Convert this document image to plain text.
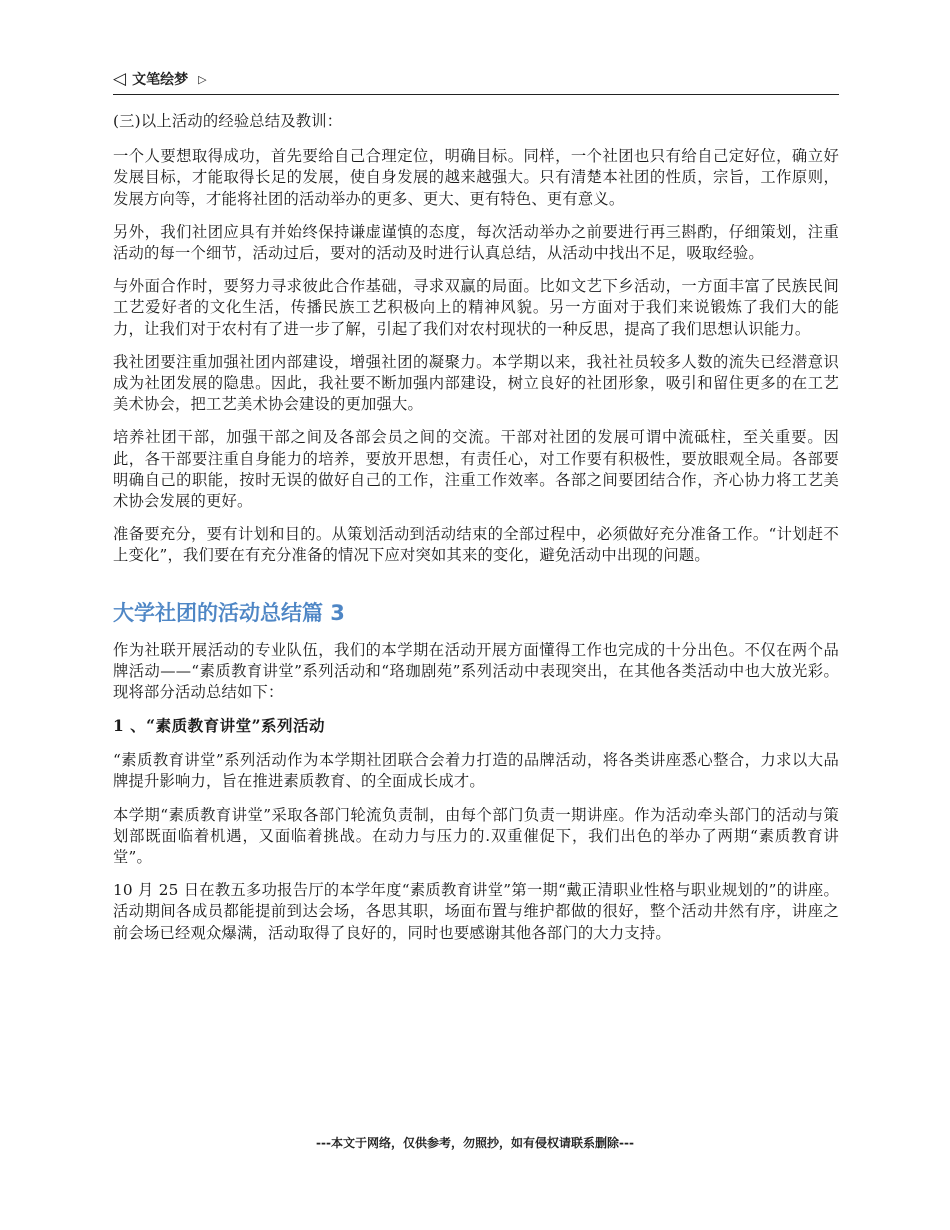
◁ 文笔绘梦 ▷

(三)以上活动的经验总结及教训：

一个人要想取得成功，首先要给自己合理定位，明确目标。同样，一个社团也只有给自己定好位，确立好发展目标，才能取得长足的发展，使自身发展的越来越强大。只有清楚本社团的性质，宗旨，工作原则，发展方向等，才能将社团的活动举办的更多、更大、更有特色、更有意义。

另外，我们社团应具有并始终保持谦虚谨慎的态度，每次活动举办之前要进行再三斟酌，仔细策划，注重活动的每一个细节，活动过后，要对的活动及时进行认真总结，从活动中找出不足，吸取经验。

与外面合作时，要努力寻求彼此合作基础，寻求双赢的局面。比如文艺下乡活动，一方面丰富了民族民间工艺爱好者的文化生活，传播民族工艺积极向上的精神风貌。另一方面对于我们来说锻炼了我们大的能力，让我们对于农村有了进一步了解，引起了我们对农村现状的一种反思，提高了我们思想认识能力。

我社团要注重加强社团内部建设，增强社团的凝聚力。本学期以来，我社社员较多人数的流失已经潜意识成为社团发展的隐患。因此，我社要不断加强内部建设，树立良好的社团形象，吸引和留住更多的在工艺美术协会，把工艺美术协会建设的更加强大。

培养社团干部，加强干部之间及各部会员之间的交流。干部对社团的发展可谓中流砥柱，至关重要。因此，各干部要注重自身能力的培养，要放开思想，有责任心，对工作要有积极性，要放眼观全局。各部要明确自己的职能，按时无误的做好自己的工作，注重工作效率。各部之间要团结合作，齐心协力将工艺美术协会发展的更好。

准备要充分，要有计划和目的。从策划活动到活动结束的全部过程中，必须做好充分准备工作。“计划赶不上变化”，我们要在有充分准备的情况下应对突如其来的变化，避免活动中出现的问题。

大学社团的活动总结篇 3

作为社联开展活动的专业队伍，我们的本学期在活动开展方面懂得工作也完成的十分出色。不仅在两个品牌活动——“素质教育讲堂”系列活动和“珞珈剧苑”系列活动中表现突出，在其他各类活动中也大放光彩。现将部分活动总结如下：

1 、“素质教育讲堂”系列活动

“素质教育讲堂”系列活动作为本学期社团联合会着力打造的品牌活动，将各类讲座悉心整合，力求以大品牌提升影响力，旨在推进素质教育、的全面成长成才。

本学期“素质教育讲堂”采取各部门轮流负责制，由每个部门负责一期讲座。作为活动牵头部门的活动与策划部既面临着机遇，又面临着挑战。在动力与压力的.双重催促下，我们出色的举办了两期“素质教育讲堂”。

10 月 25 日在教五多功报告厅的本学年度“素质教育讲堂”第一期“戴正清职业性格与职业规划的”的讲座。活动期间各成员都能提前到达会场，各思其职，场面布置与维护都做的很好，整个活动井然有序，讲座之前会场已经观众爆满，活动取得了良好的，同时也要感谢其他各部门的大力支持。

---本文于网络，仅供参考，勿照抄，如有侵权请联系删除---
